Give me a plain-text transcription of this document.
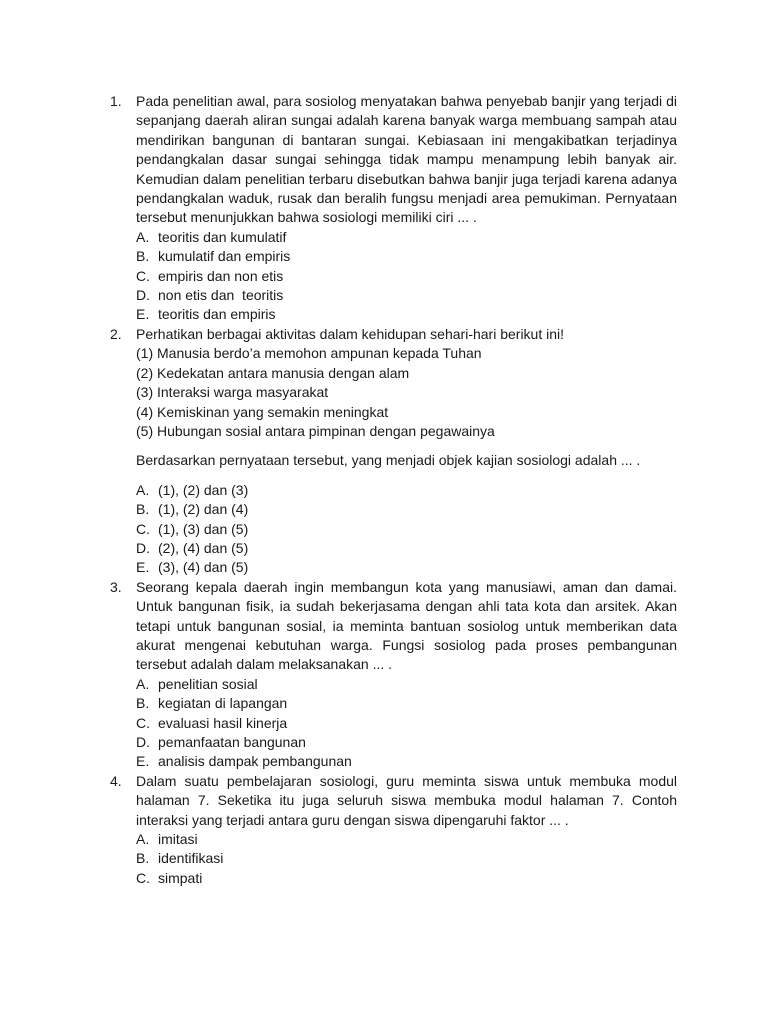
1. Pada penelitian awal, para sosiolog menyatakan bahwa penyebab banjir yang terjadi di sepanjang daerah aliran sungai adalah karena banyak warga membuang sampah atau mendirikan bangunan di bantaran sungai. Kebiasaan ini mengakibatkan terjadinya pendangkalan dasar sungai sehingga tidak mampu menampung lebih banyak air. Kemudian dalam penelitian terbaru disebutkan bahwa banjir juga terjadi karena adanya pendangkalan waduk, rusak dan beralih fungsu menjadi area pemukiman. Pernyataan tersebut menunjukkan bahwa sosiologi memiliki ciri ... .
A. teoritis dan kumulatif
B. kumulatif dan empiris
C. empiris dan non etis
D. non etis dan  teoritis
E. teoritis dan empiris
2. Perhatikan berbagai aktivitas dalam kehidupan sehari-hari berikut ini!
(1) Manusia berdo’a memohon ampunan kepada Tuhan
(2) Kedekatan antara manusia dengan alam
(3) Interaksi warga masyarakat
(4) Kemiskinan yang semakin meningkat
(5) Hubungan sosial antara pimpinan dengan pegawainya
Berdasarkan pernyataan tersebut, yang menjadi objek kajian sosiologi adalah ... .
A. (1), (2) dan (3)
B. (1), (2) dan (4)
C. (1), (3) dan (5)
D. (2), (4) dan (5)
E. (3), (4) dan (5)
3. Seorang kepala daerah ingin membangun kota yang manusiawi, aman dan damai. Untuk bangunan fisik, ia sudah bekerjasama dengan ahli tata kota dan arsitek. Akan tetapi untuk bangunan sosial, ia meminta bantuan sosiolog untuk memberikan data akurat mengenai kebutuhan warga. Fungsi sosiolog pada proses pembangunan tersebut adalah dalam melaksanakan ... .
A. penelitian sosial
B. kegiatan di lapangan
C. evaluasi hasil kinerja
D. pemanfaatan bangunan
E. analisis dampak pembangunan
4. Dalam suatu pembelajaran sosiologi, guru meminta siswa untuk membuka modul halaman 7. Seketika itu juga seluruh siswa membuka modul halaman 7. Contoh interaksi yang terjadi antara guru dengan siswa dipengaruhi faktor ... .
A. imitasi
B. identifikasi
C. simpati
